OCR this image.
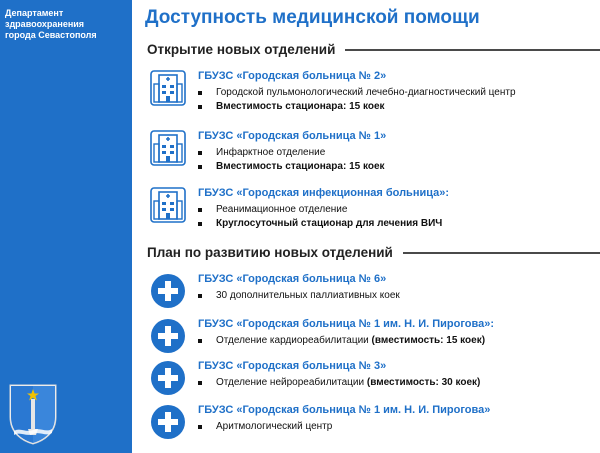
Департамент
здравоохранения
города Севастополя
Доступность медицинской помощи
Открытие новых отделений
ГБУЗС «Городская больница № 2»
Городской пульмонологический лечебно-диагностический центр
Вместимость стационара: 15 коек
ГБУЗС «Городская больница № 1»
Инфарктное отделение
Вместимость стационара: 15 коек
ГБУЗС «Городская инфекционная больница»:
Реанимационное отделение
Круглосуточный стационар для лечения ВИЧ
План по развитию новых отделений
ГБУЗС «Городская больница № 6»
30 дополнительных паллиативных коек
ГБУЗС «Городская больница № 1 им. Н. И. Пирогова»:
Отделение кардиореабилитации (вместимость: 15 коек)
ГБУЗС «Городская больница № 3»
Отделение нейрореабилитации (вместимость: 30 коек)
ГБУЗС «Городская больница № 1 им. Н. И. Пирогова»
Аритмологический центр
